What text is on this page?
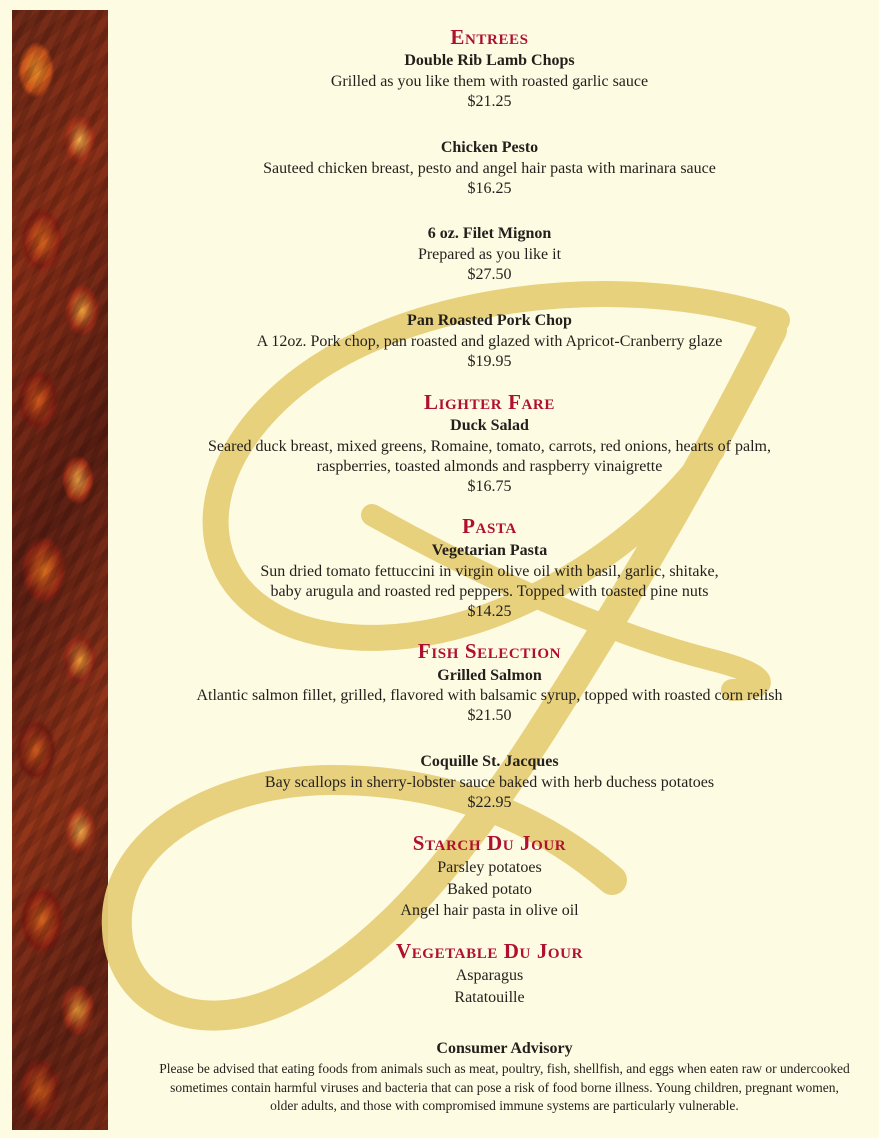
Entrees
Double Rib Lamb Chops
Grilled as you like them with roasted garlic sauce
$21.25
Chicken Pesto
Sauteed chicken breast, pesto and angel hair pasta with marinara sauce
$16.25
6 oz. Filet Mignon
Prepared as you like it
$27.50
Pan Roasted Pork Chop
A 12oz. Pork chop, pan roasted and glazed with Apricot-Cranberry glaze
$19.95
Lighter Fare
Duck Salad
Seared duck breast, mixed greens, Romaine, tomato, carrots, red onions, hearts of palm,
raspberries, toasted almonds and raspberry vinaigrette
$16.75
Pasta
Vegetarian Pasta
Sun dried tomato fettuccini in virgin olive oil with basil, garlic, shitake,
baby arugula and roasted red peppers. Topped with toasted pine nuts
$14.25
Fish Selection
Grilled Salmon
Atlantic salmon fillet, grilled, flavored with balsamic syrup, topped with roasted corn relish
$21.50
Coquille St. Jacques
Bay scallops in sherry-lobster sauce baked with herb duchess potatoes
$22.95
Starch Du Jour
Parsley potatoes
Baked potato
Angel hair pasta in olive oil
Vegetable Du Jour
Asparagus
Ratatouille
Consumer Advisory
Please be advised that eating foods from animals such as meat, poultry, fish, shellfish, and eggs when eaten raw or undercooked
sometimes contain harmful viruses and bacteria that can pose a risk of food borne illness. Young children, pregnant women,
older adults, and those with compromised immune systems are particularly vulnerable.
